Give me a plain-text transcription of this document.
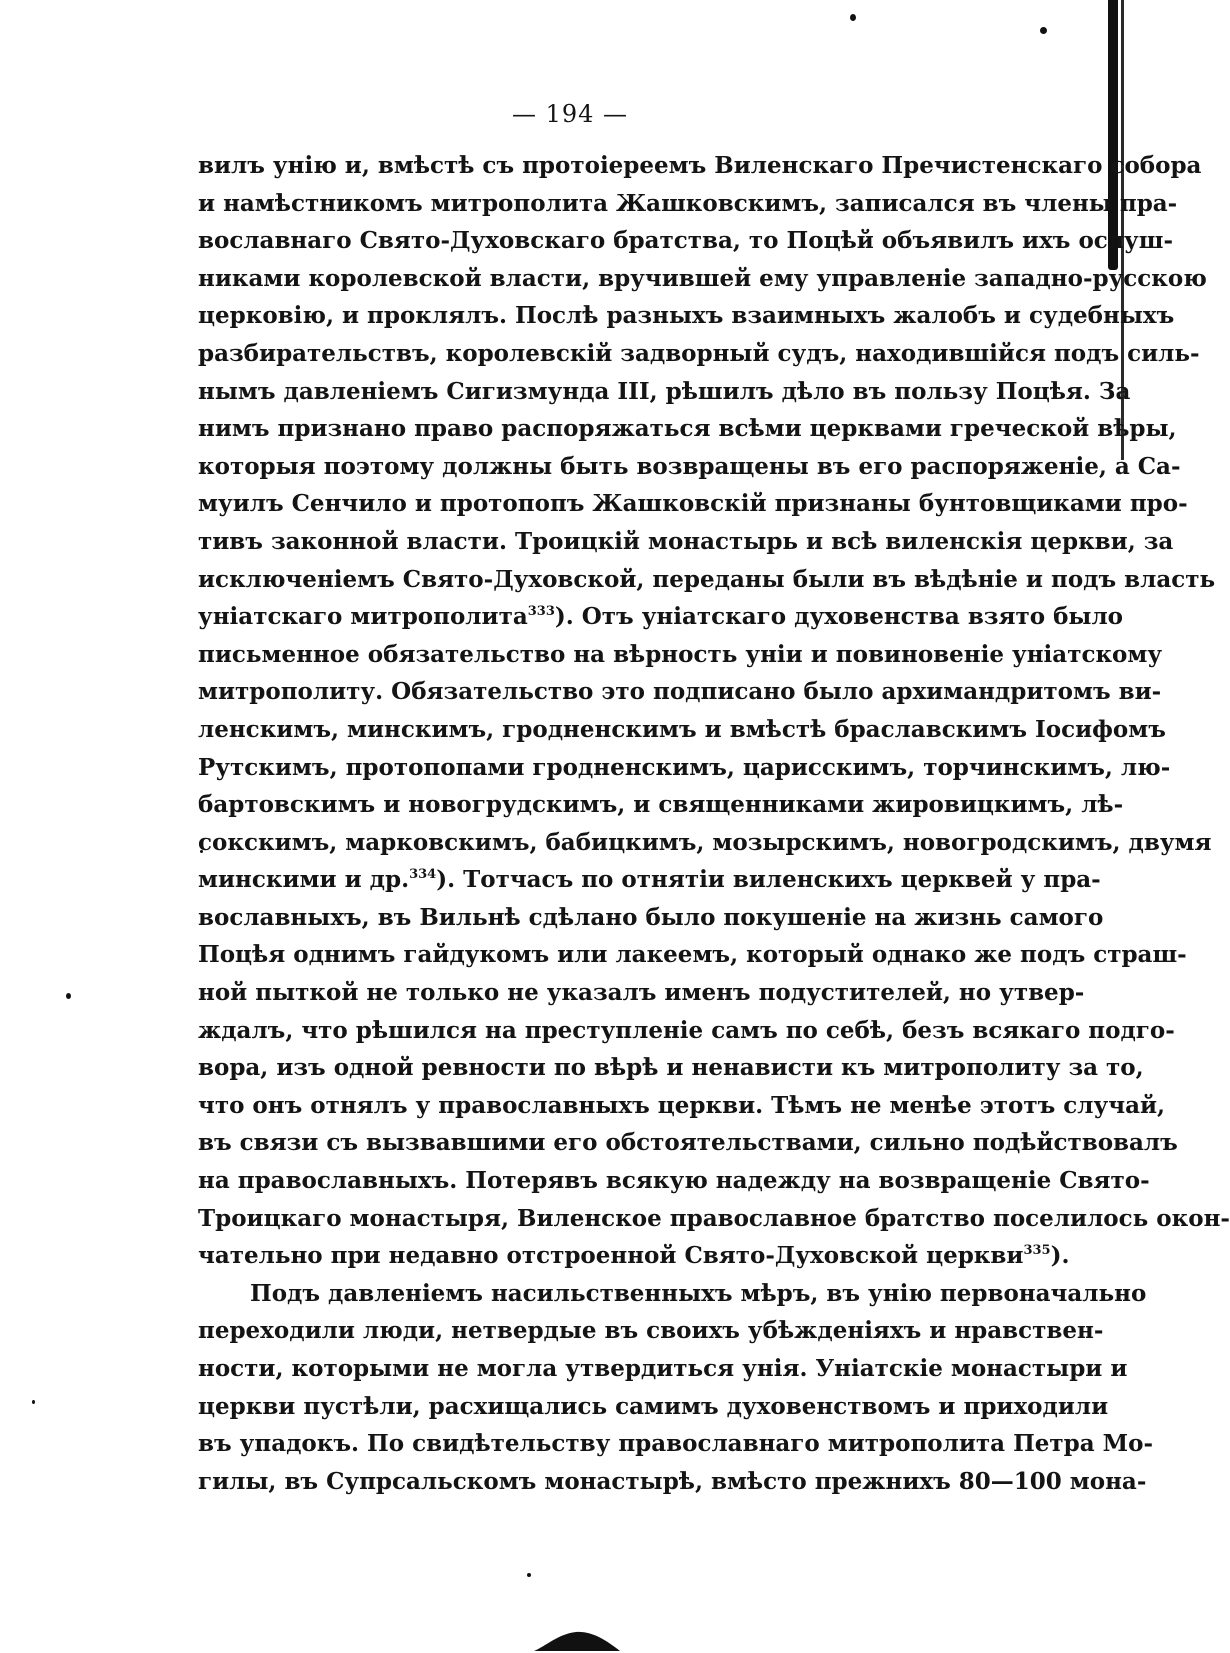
— 194 —
вилъ унію и, вмѣстѣ съ протоіереемъ Виленскаго Пречистенскаго собора
и намѣстникомъ митрополита Жашковскимъ, записался въ члены пра-
вославнаго Свято-Духовскаго братства, то Поцѣй объявилъ ихъ ослуш-
никами королевской власти, вручившей ему управленіе западно-русскою
церковію, и проклялъ. Послѣ разныхъ взаимныхъ жалобъ и судебныхъ
разбирательствъ, королевскій задворный судъ, находившійся подъ силь-
нымъ давленіемъ Сигизмунда III, рѣшилъ дѣло въ пользу Поцѣя. За
нимъ признано право распоряжаться всѣми церквами греческой вѣры,
которыя поэтому должны быть возвращены въ его распоряженіе, а Са-
муилъ Сенчило и протопопъ Жашковскій признаны бунтовщиками про-
тивъ законной власти. Троицкій монастырь и всѣ виленскія церкви, за
исключеніемъ Свято-Духовской, переданы были въ вѣдѣніе и подъ власть
уніатскаго митрополита$^{333}$). Отъ уніатскаго духовенства взято было
письменное обязательство на вѣрность уніи и повиновеніе уніатскому
митрополиту. Обязательство это подписано было архимандритомъ ви-
ленскимъ, минскимъ, гродненскимъ и вмѣстѣ браславскимъ Іосифомъ
Рутскимъ, протопопами гродненскимъ, царисскимъ, торчинскимъ, лю-
бартовскимъ и новогрудскимъ, и священниками жировицкимъ, лѣ-
сокскимъ, марковскимъ, бабицкимъ, мозырскимъ, новогродскимъ, двумя
минскими и др.$^{334}$). Тотчасъ по отнятіи виленскихъ церквей у пра-
вославныхъ, въ Вильнѣ сдѣлано было покушеніе на жизнь самого
Поцѣя однимъ гайдукомъ или лакеемъ, который однако же подъ страш-
ной пыткой не только не указалъ именъ подустителей, но утвер-
ждалъ, что рѣшился на преступленіе самъ по себѣ, безъ всякаго подго-
вора, изъ одной ревности по вѣрѣ и ненависти къ митрополиту за то,
что онъ отнялъ у православныхъ церкви. Тѣмъ не менѣе этотъ случай,
въ связи съ вызвавшими его обстоятельствами, сильно подѣйствовалъ
на православныхъ. Потерявъ всякую надежду на возвращеніе Свято-
Троицкаго монастыря, Виленское православное братство поселилось окон-
чательно при недавно отстроенной Свято-Духовской церкви$^{335}$).
Подъ давленіемъ насильственныхъ мѣръ, въ унію первоначально
переходили люди, нетвердые въ своихъ убѣжденіяхъ и нравствен-
ности, которыми не могла утвердиться унія. Уніатскіе монастыри и
церкви пустѣли, расхищались самимъ духовенствомъ и приходили
въ упадокъ. По свидѣтельству православнаго митрополита Петра Мо-
гилы, въ Супрсальскомъ монастырѣ, вмѣсто прежнихъ 80—100 мона-
